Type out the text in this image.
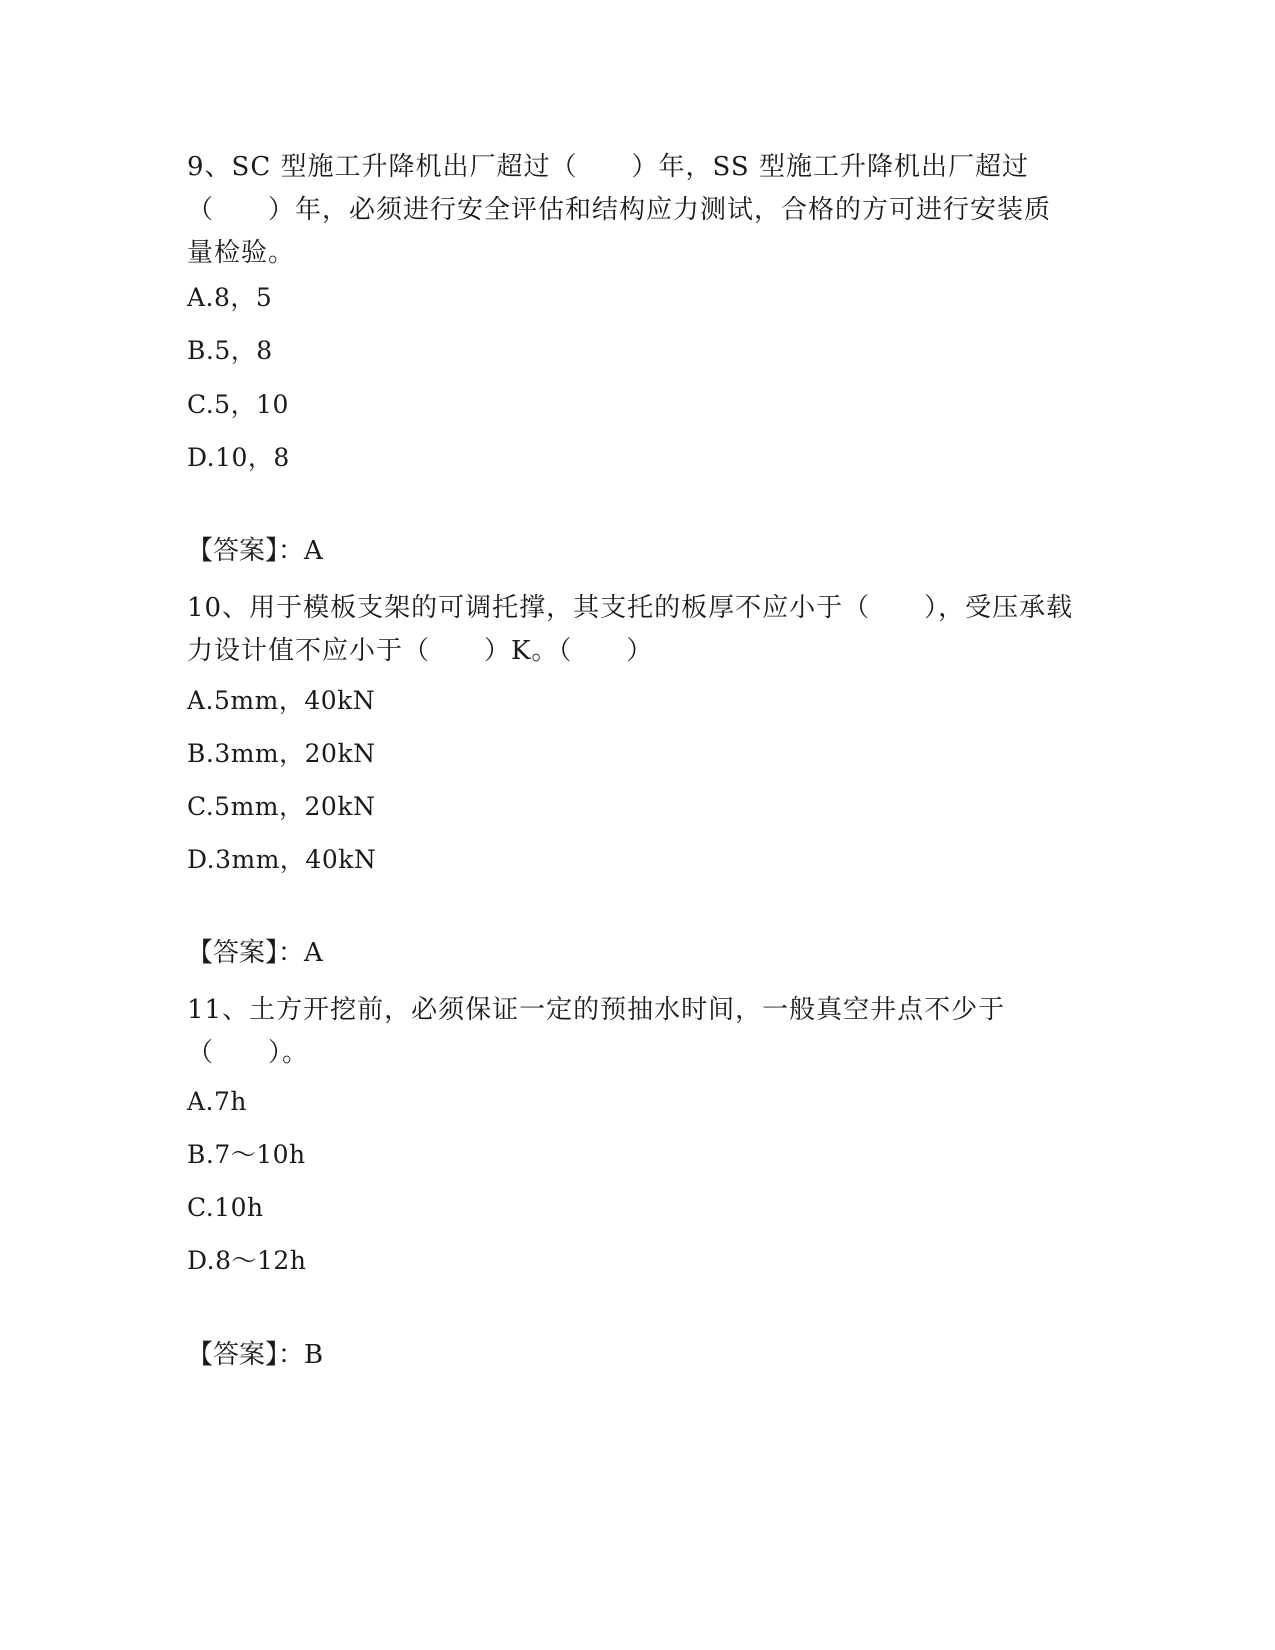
9、SC 型施工升降机出厂超过（　　）年，SS 型施工升降机出厂超过（　　）年，必须进行安全评估和结构应力测试，合格的方可进行安装质量检验。

A.8，5
B.5，8
C.5，10
D.10，8
【答案】：A

10、用于模板支架的可调托撑，其支托的板厚不应小于（　　），受压承载力设计值不应小于（　　）K。（　　）

A.5mm，40kN
B.3mm，20kN
C.5mm，20kN
D.3mm，40kN
【答案】：A

11、土方开挖前，必须保证一定的预抽水时间，一般真空井点不少于（　　）。

A.7h
B.7～10h
C.10h
D.8～12h
【答案】：B
